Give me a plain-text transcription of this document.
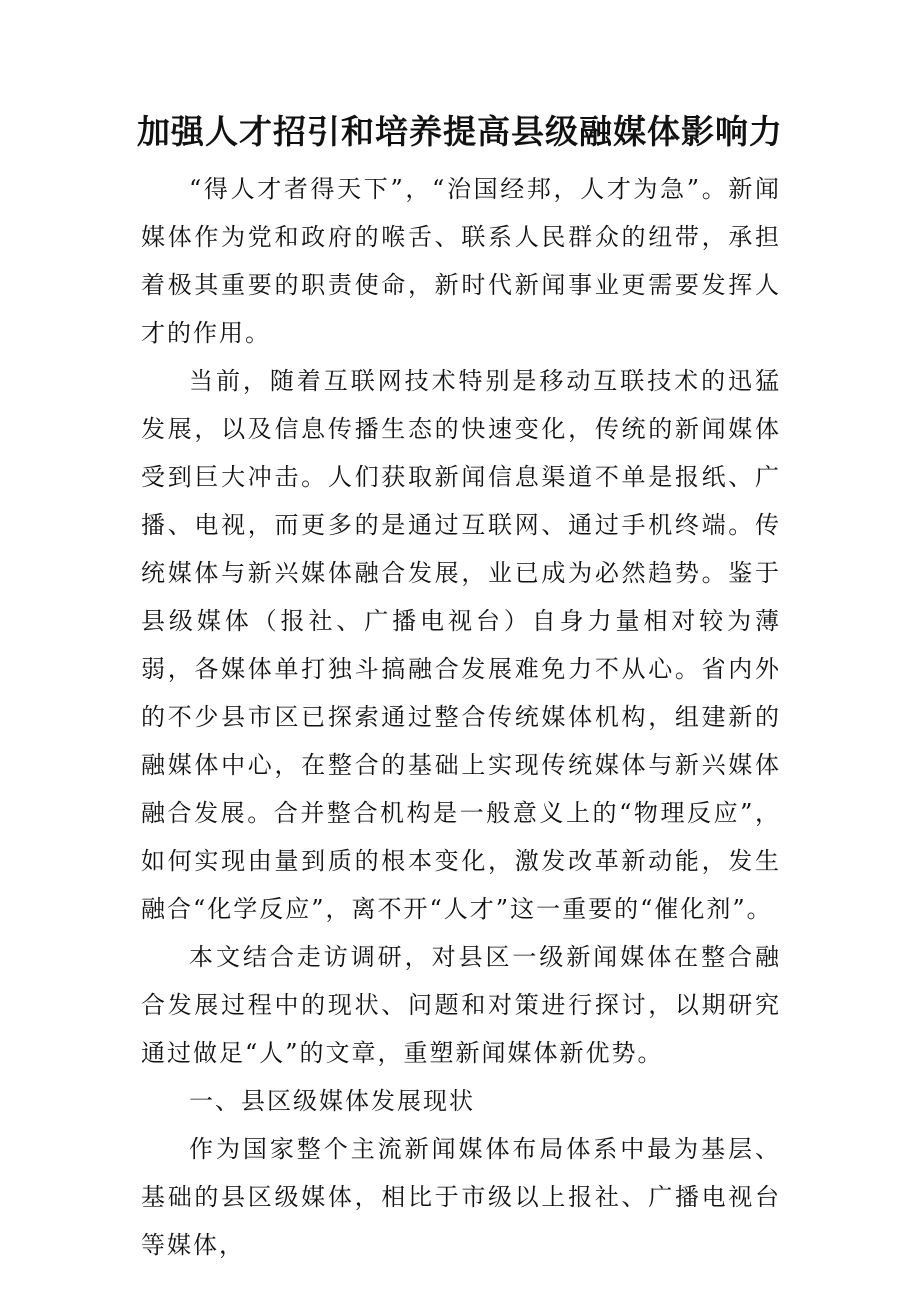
加强人才招引和培养提高县级融媒体影响力

“得人才者得天下”，“治国经邦，人才为急”。新闻媒体作为党和政府的喉舌、联系人民群众的纽带，承担着极其重要的职责使命，新时代新闻事业更需要发挥人才的作用。

当前，随着互联网技术特别是移动互联技术的迅猛发展，以及信息传播生态的快速变化，传统的新闻媒体受到巨大冲击。人们获取新闻信息渠道不单是报纸、广播、电视，而更多的是通过互联网、通过手机终端。传统媒体与新兴媒体融合发展，业已成为必然趋势。鉴于县级媒体（报社、广播电视台）自身力量相对较为薄弱，各媒体单打独斗搞融合发展难免力不从心。省内外的不少县市区已探索通过整合传统媒体机构，组建新的融媒体中心，在整合的基础上实现传统媒体与新兴媒体融合发展。合并整合机构是一般意义上的“物理反应”，如何实现由量到质的根本变化，激发改革新动能，发生融合“化学反应”，离不开“人才”这一重要的“催化剂”。

本文结合走访调研，对县区一级新闻媒体在整合融合发展过程中的现状、问题和对策进行探讨，以期研究通过做足“人”的文章，重塑新闻媒体新优势。

一、县区级媒体发展现状

作为国家整个主流新闻媒体布局体系中最为基层、基础的县区级媒体，相比于市级以上报社、广播电视台等媒体，
